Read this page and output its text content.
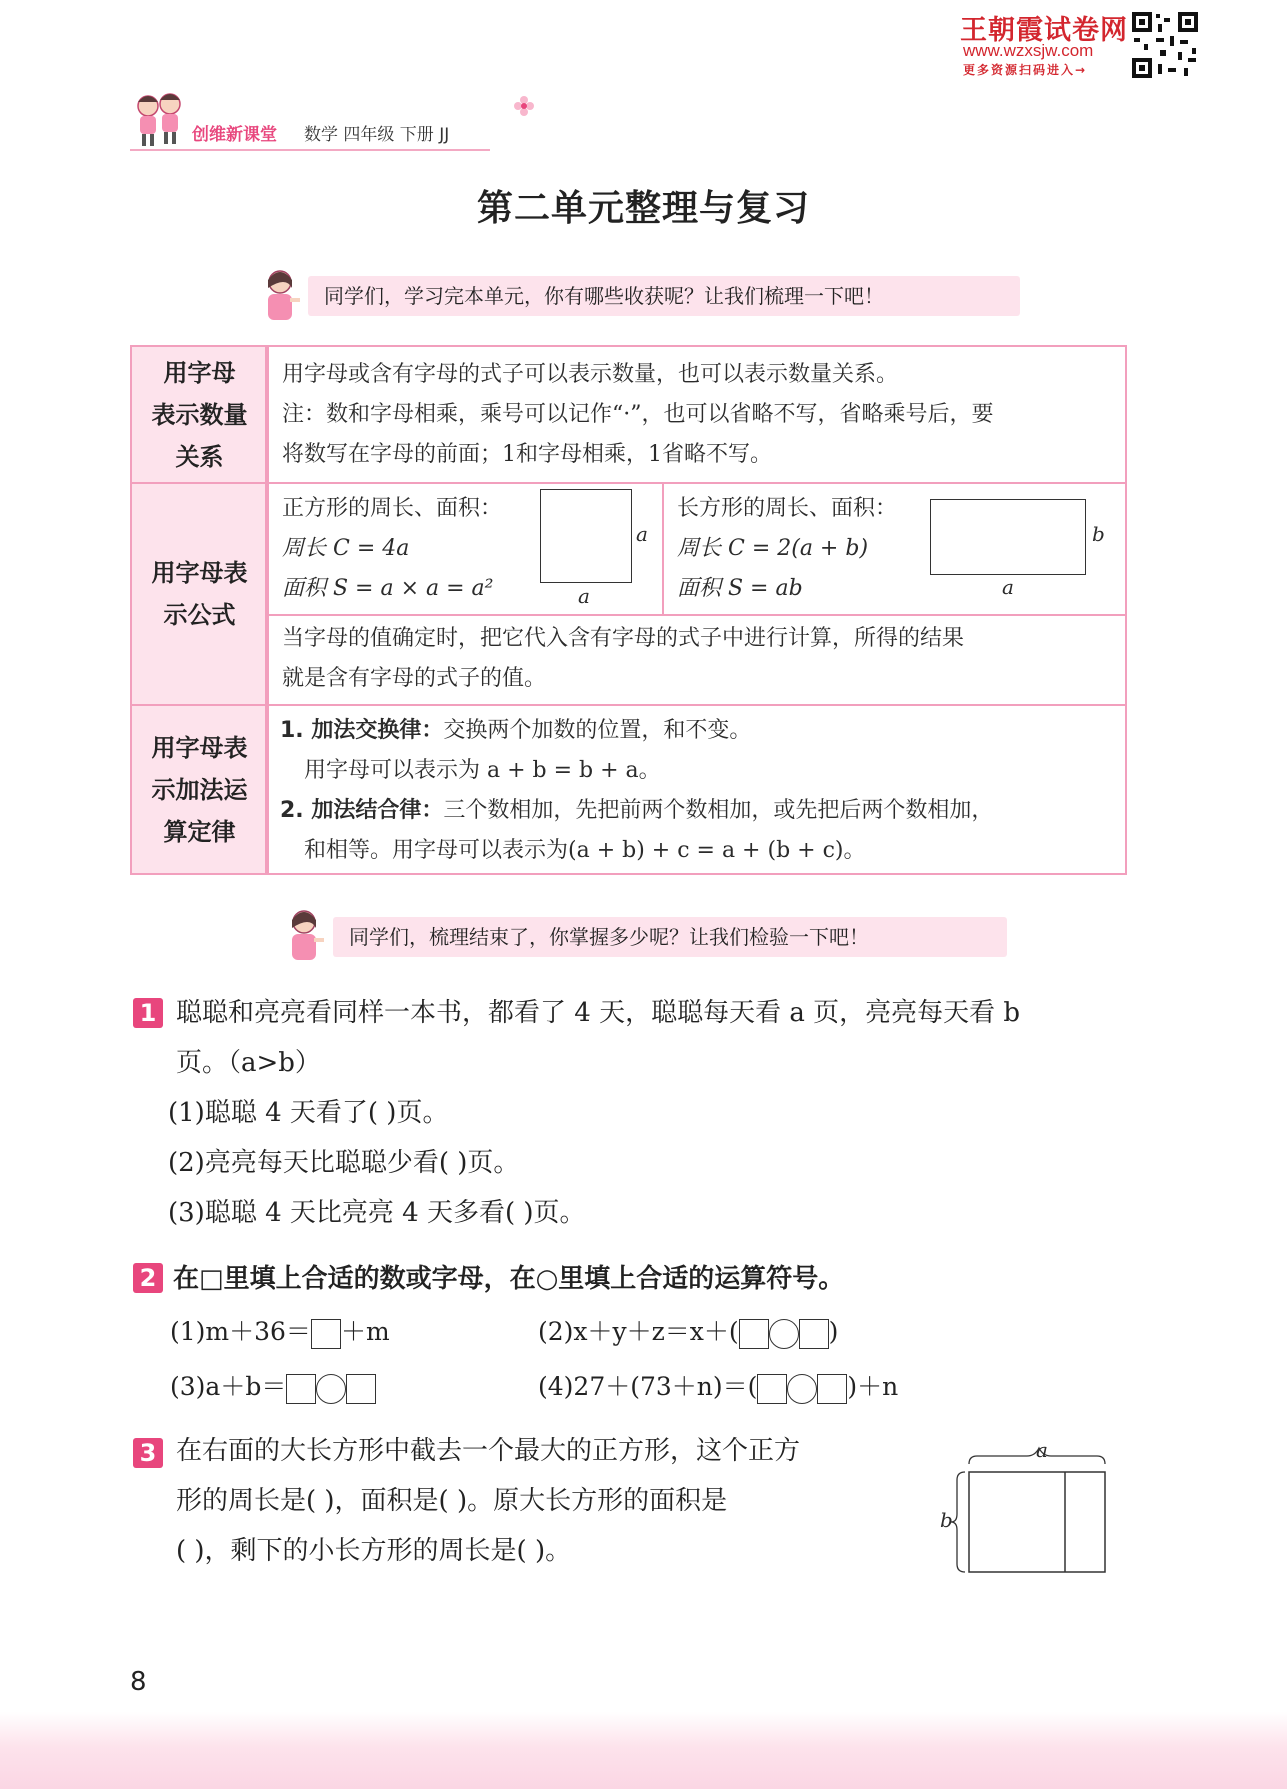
王朝霞试卷网
www.wzxsjw.com
更多资源扫码进入→
创维新课堂 数学 四年级 下册 JJ
第二单元整理与复习
同学们，学习完本单元，你有哪些收获呢？让我们梳理一下吧！
用字母
表示数量
关系
用字母或含有字母的式子可以表示数量，也可以表示数量关系。
注：数和字母相乘，乘号可以记作“·”，也可以省略不写，省略乘号后，要
将数写在字母的前面；1和字母相乘，1省略不写。
用字母表
示公式
正方形的周长、面积：
周长 C = 4a
面积 S = a × a = a²
a
a
长方形的周长、面积：
周长 C = 2(a + b)
面积 S = ab
b
a
当字母的值确定时，把它代入含有字母的式子中进行计算，所得的结果
就是含有字母的式子的值。
用字母表
示加法运
算定律
1. 加法交换律：交换两个加数的位置，和不变。
用字母可以表示为 a + b = b + a。
2. 加法结合律：三个数相加，先把前两个数相加，或先把后两个数相加，
和相等。用字母可以表示为(a + b) + c = a + (b + c)。
同学们，梳理结束了，你掌握多少呢？让我们检验一下吧！
1 聪聪和亮亮看同样一本书，都看了 4 天，聪聪每天看 a 页，亮亮每天看 b
页。（a>b）
(1)聪聪 4 天看了( )页。
(2)亮亮每天比聪聪少看( )页。
(3)聪聪 4 天比亮亮 4 天多看( )页。
2 在□里填上合适的数或字母，在○里填上合适的运算符号。
(1)m＋36＝ ＋m	(2)x＋y＋z＝x＋(	)
(3)a＋b＝	(4)27＋(73＋n)＝(	)＋n
3 在右面的大长方形中截去一个最大的正方形，这个正方
形的周长是( )，面积是( )。原大长方形的面积是
( )，剩下的小长方形的周长是( )。
a
b
8
